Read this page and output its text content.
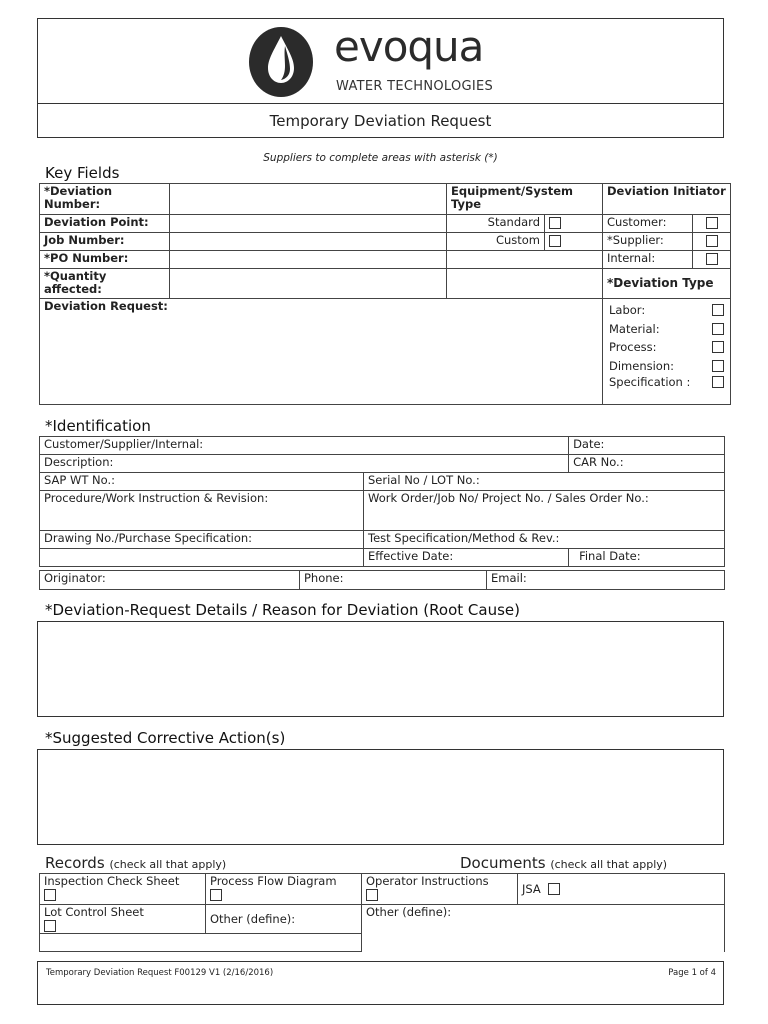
evoqua
WATER TECHNOLOGIES
Temporary Deviation Request
Suppliers to complete areas with asterisk (*)
Key Fields
*Deviation Number:		Equipment/System Type		Deviation Initiator	
Deviation Point:		Standard		Customer:	
Job Number:		Custom		*Supplier:	
*PO Number:				Internal:	
*Quantity affected:				*Deviation Type	
Deviation Request:				Labor:
Material:
Process:
Dimension:
Specification :	
*Identification
Customer/Supplier/Internal:		Date:
Description:		CAR No.:
SAP WT No.:	Serial No / LOT No.:	
Procedure/Work Instruction & Revision:	Work Order/Job No/ Project No. / Sales Order No.:	
Drawing No./Purchase Specification:	Test Specification/Method & Rev.:	
	Effective Date:	Final Date:
Originator:	Phone:	Email:
*Deviation-Request Details / Reason for Deviation (Root Cause)
*Suggested Corrective Action(s)
Records (check all that apply)	Documents (check all that apply)
Inspection Check Sheet	Process Flow Diagram	Operator Instructions	JSA

Lot Control Sheet	Other (define):	Other (define):	

Temporary Deviation Request F00129 V1 (2/16/2016)	Page 1 of 4
